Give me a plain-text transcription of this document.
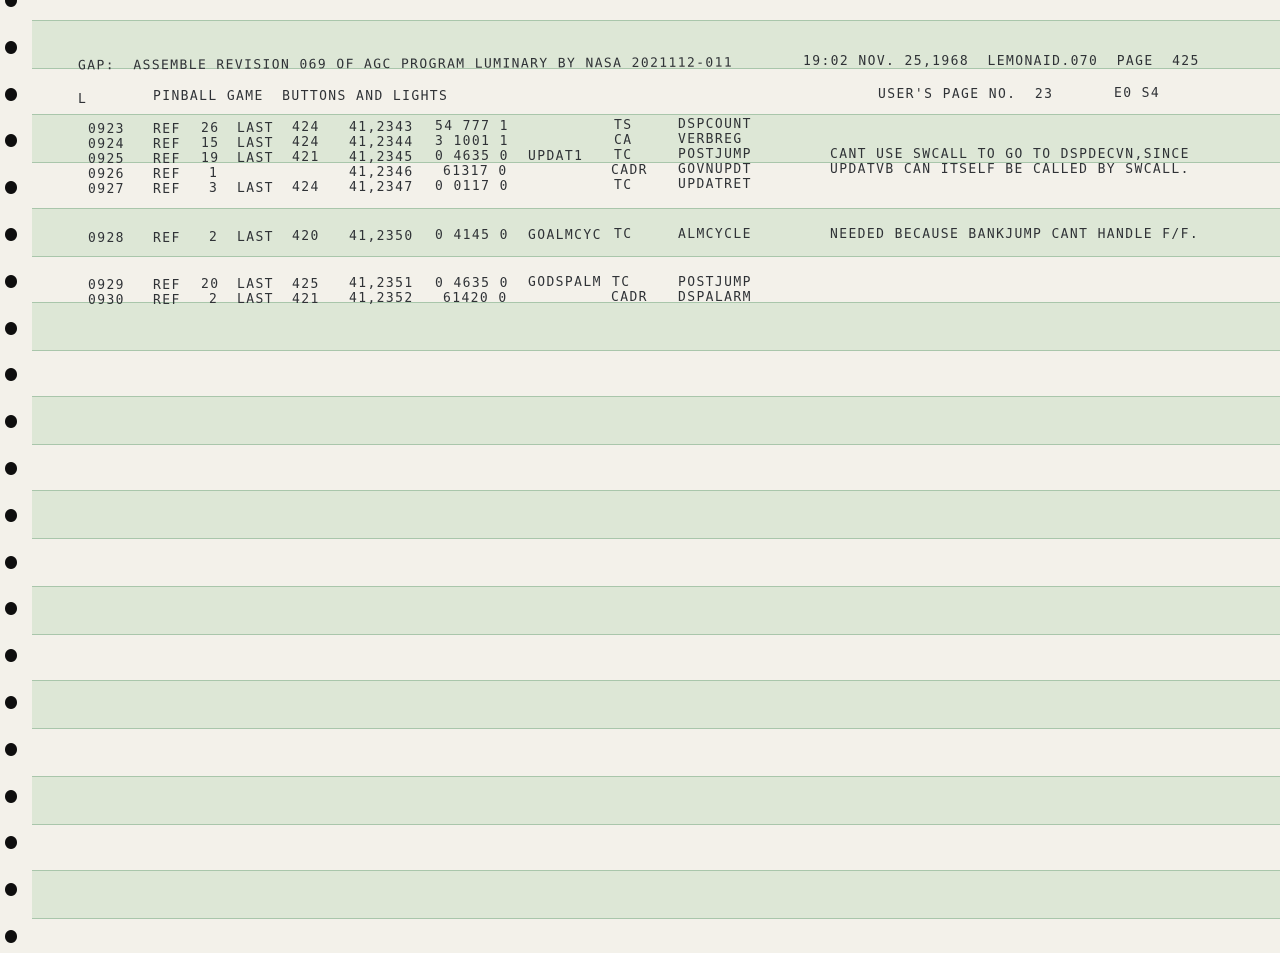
GAP:  ASSEMBLE REVISION 069 OF AGC PROGRAM LUMINARY BY NASA 2021112-011	19:02 NOV. 25,1968  LEMONAID.070  PAGE  425
L	PINBALL GAME  BUTTONS AND LIGHTS	USER'S PAGE NO.  23	E0 S4
0923 REF 26 LAST 424 41,2343 54 777 1	TS	DSPCOUNT
0924 REF 15 LAST 424 41,2344 3 1001 1	CA	VERBREG
0925 REF 19 LAST 421 41,2345 0 4635 0 UPDAT1 TC	POSTJUMP	CANT USE SWCALL TO GO TO DSPDECVN,SINCE
0926 REF 1	41,2346 61317 0	CADR GOVNUPDT	UPDATVB CAN ITSELF BE CALLED BY SWCALL.
0927 REF 3 LAST 424 41,2347 0 0117 0	TC	UPDATRET
0928 REF 2 LAST 420 41,2350 0 4145 0 GOALMCYC TC	ALMCYCLE	NEEDED BECAUSE BANKJUMP CANT HANDLE F/F.
0929 REF 20 LAST 425 41,2351 0 4635 0 GODSPALM TC	POSTJUMP
0930 REF 2 LAST 421 41,2352 61420 0	CADR DSPALARM
